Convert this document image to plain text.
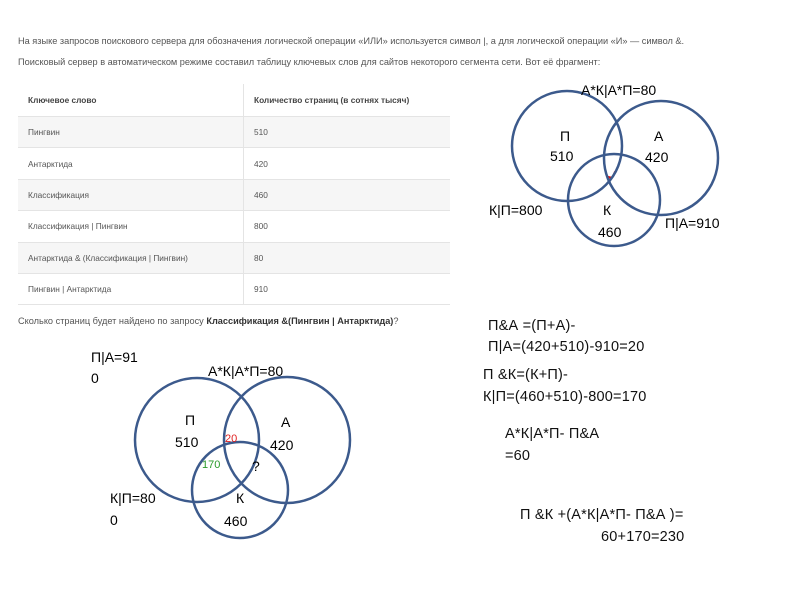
На языке запросов поискового сервера для обозначения логической операции «ИЛИ» используется символ |, а для логической операции «И» — символ &.
Поисковый сервер в автоматическом режиме составил таблицу ключевых слов для сайтов некоторого сегмента сети. Вот её фрагмент:
Ключевое слово	Количество страниц (в сотнях тысяч)
Пингвин	510
Антарктида	420
Классификация	460
Классификация | Пингвин	800
Антарктида & (Классификация | Пингвин)	80
Пингвин | Антарктида	910
Сколько страниц будет найдено по запросу Классификация &(Пингвин | Антарктида)?
А*К|А*П=80
П
510
А
420
К
460
К|П=800
П|А=910
П|А=91
0	А*К|А*П=80
П
510
А
420
20
170 ?
К
460
К|П=80
0
П&А =(П+А)-
П|А=(420+510)-910=20
П &К=(К+П)-
К|П=(460+510)-800=170
А*К|А*П- П&А
=60
П &К +(А*К|А*П- П&А )=
60+170=230
